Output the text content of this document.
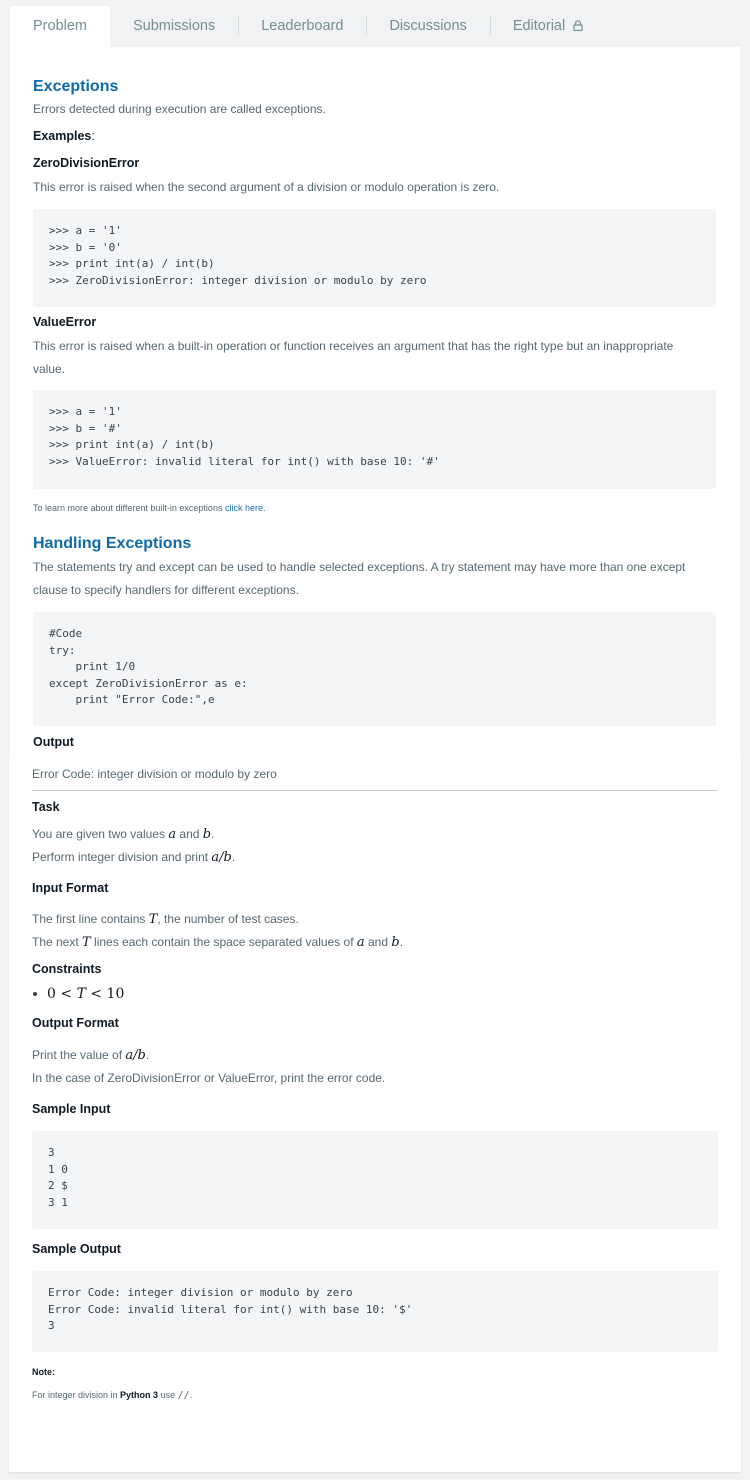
Problem	Submissions	Leaderboard	Discussions	Editorial
Exceptions
Errors detected during execution are called exceptions.
Examples:
ZeroDivisionError
This error is raised when the second argument of a division or modulo operation is zero.
>>> a = '1'
>>> b = '0'
>>> print int(a) / int(b)
>>> ZeroDivisionError: integer division or modulo by zero
ValueError
This error is raised when a built-in operation or function receives an argument that has the right type but an inappropriate
value.
>>> a = '1'
>>> b = '#'
>>> print int(a) / int(b)
>>> ValueError: invalid literal for int() with base 10: '#'
To learn more about different built-in exceptions click here.
Handling Exceptions
The statements try and except can be used to handle selected exceptions. A try statement may have more than one except
clause to specify handlers for different exceptions.
#Code
try:
print 1/0
except ZeroDivisionError as e:
print "Error Code:",e
Output
Error Code: integer division or modulo by zero
Task
You are given two values a and b.
Perform integer division and print a/b.
Input Format
The first line contains T, the number of test cases.
The next T lines each contain the space separated values of a and b.
Constraints
0 < T < 10
Output Format
Print the value of a/b.
In the case of ZeroDivisionError or ValueError, print the error code.
Sample Input
3
1 0
2 $
3 1
Sample Output
Error Code: integer division or modulo by zero
Error Code: invalid literal for int() with base 10: '$'
3
Note:
For integer division in Python 3 use //.
